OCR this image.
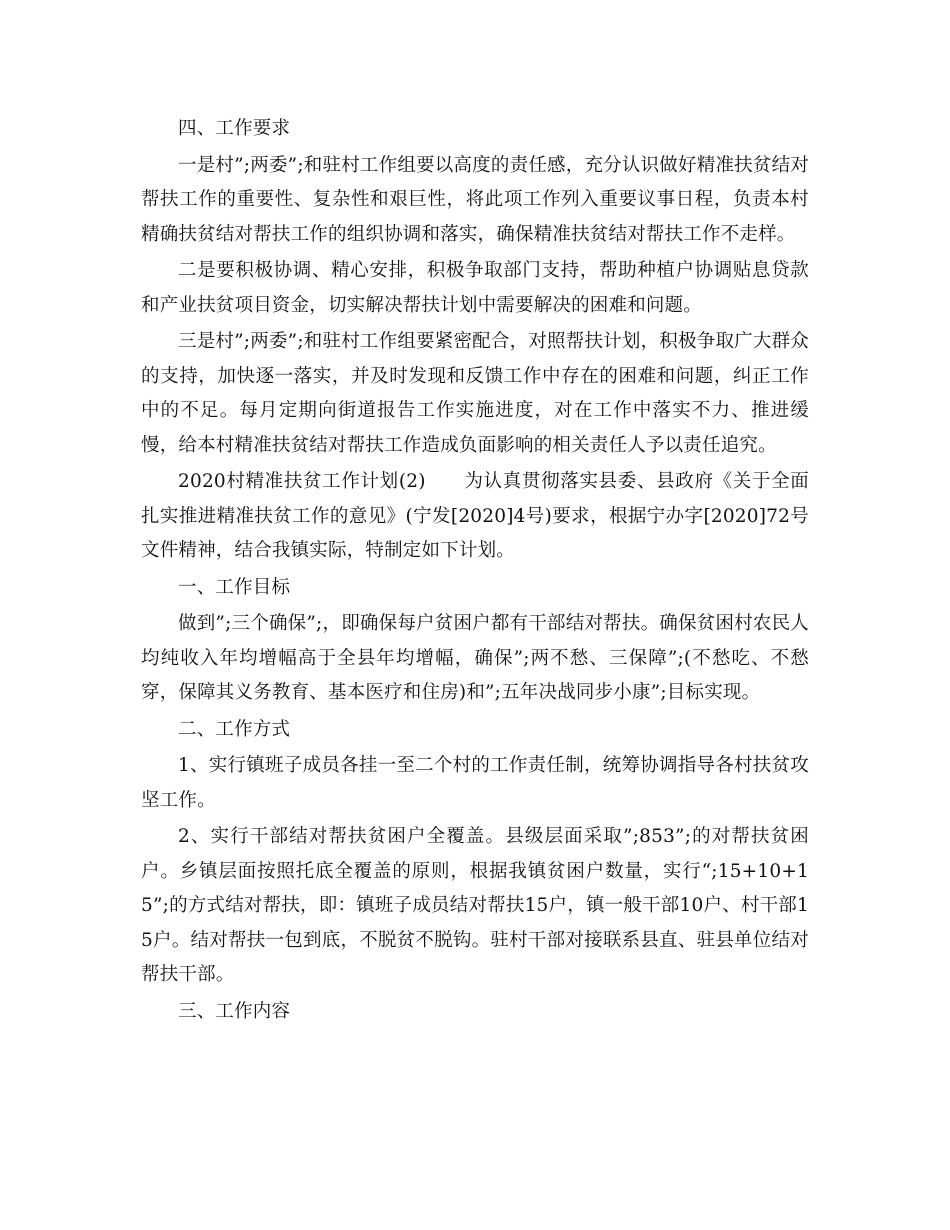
四、工作要求

一是村”;两委”;和驻村工作组要以高度的责任感，充分认识做好精准扶贫结对帮扶工作的重要性、复杂性和艰巨性，将此项工作列入重要议事日程，负责本村精确扶贫结对帮扶工作的组织协调和落实，确保精准扶贫结对帮扶工作不走样。

二是要积极协调、精心安排，积极争取部门支持，帮助种植户协调贴息贷款和产业扶贫项目资金，切实解决帮扶计划中需要解决的困难和问题。

三是村”;两委”;和驻村工作组要紧密配合，对照帮扶计划，积极争取广大群众的支持，加快逐一落实，并及时发现和反馈工作中存在的困难和问题，纠正工作中的不足。每月定期向街道报告工作实施进度，对在工作中落实不力、推进缓慢，给本村精准扶贫结对帮扶工作造成负面影响的相关责任人予以责任追究。

2020村精准扶贫工作计划(2)　　为认真贯彻落实县委、县政府《关于全面扎实推进精准扶贫工作的意见》(宁发[2020]4号)要求，根据宁办字[2020]72号文件精神，结合我镇实际，特制定如下计划。

一、工作目标

做到”;三个确保”;，即确保每户贫困户都有干部结对帮扶。确保贫困村农民人均纯收入年均增幅高于全县年均增幅，确保”;两不愁、三保障”;(不愁吃、不愁穿，保障其义务教育、基本医疗和住房)和”;五年决战同步小康”;目标实现。

二、工作方式

1、实行镇班子成员各挂一至二个村的工作责任制，统筹协调指导各村扶贫攻坚工作。

2、实行干部结对帮扶贫困户全覆盖。县级层面采取”;853”;的对帮扶贫困户。乡镇层面按照托底全覆盖的原则，根据我镇贫困户数量，实行“;15+10+15”;的方式结对帮扶，即：镇班子成员结对帮扶15户，镇一般干部10户、村干部15户。结对帮扶一包到底，不脱贫不脱钩。驻村干部对接联系县直、驻县单位结对帮扶干部。

三、工作内容
